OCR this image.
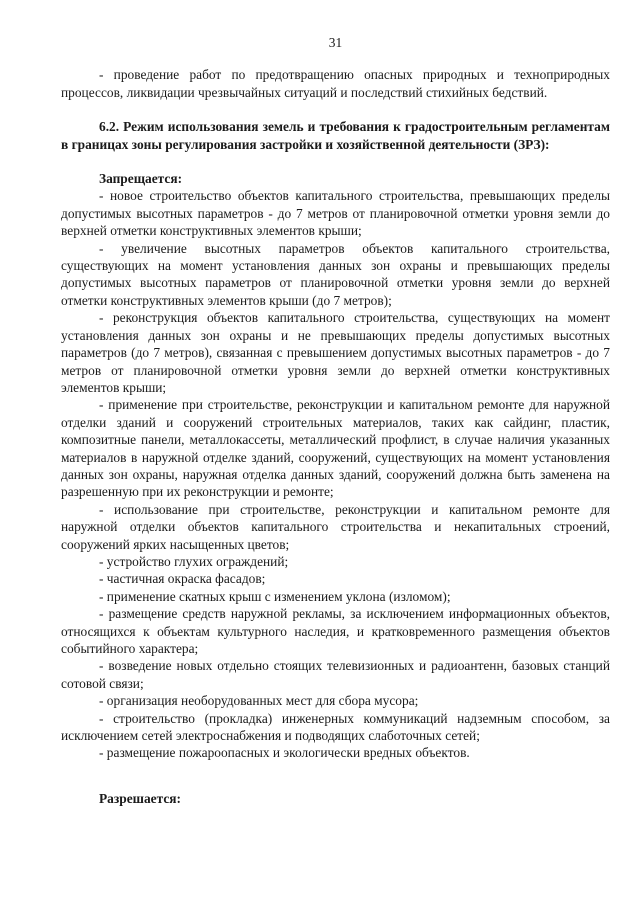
31

- проведение работ по предотвращению опасных природных и техноприродных процессов, ликвидации чрезвычайных ситуаций и последствий стихийных бедствий.

6.2. Режим использования земель и требования к градостроительным регламентам в границах зоны регулирования застройки и хозяйственной деятельности (ЗРЗ):

Запрещается:

- новое строительство объектов капитального строительства, превышающих пределы допустимых высотных параметров - до 7 метров от планировочной отметки уровня земли до верхней отметки конструктивных элементов крыши;

- увеличение высотных параметров объектов капитального строительства, существующих на момент установления данных зон охраны и превышающих пределы допустимых высотных параметров от планировочной отметки уровня земли до верхней отметки конструктивных элементов крыши (до 7 метров);

- реконструкция объектов капитального строительства, существующих на момент установления данных зон охраны и не превышающих пределы допустимых высотных параметров (до 7 метров), связанная с превышением допустимых высотных параметров - до 7 метров от планировочной отметки уровня земли до верхней отметки конструктивных элементов крыши;

- применение при строительстве, реконструкции и капитальном ремонте для наружной отделки зданий и сооружений строительных материалов, таких как сайдинг, пластик, композитные панели, металлокассеты, металлический профлист, в случае наличия указанных материалов в наружной отделке зданий, сооружений, существующих на момент установления данных зон охраны, наружная отделка данных зданий, сооружений должна быть заменена на разрешенную при их реконструкции и ремонте;

- использование при строительстве, реконструкции и капитальном ремонте для наружной отделки объектов капитального строительства и некапитальных строений, сооружений ярких насыщенных цветов;

- устройство глухих ограждений;

- частичная окраска фасадов;

- применение скатных крыш с изменением уклона (изломом);

- размещение средств наружной рекламы, за исключением информационных объектов, относящихся к объектам культурного наследия, и кратковременного размещения объектов событийного характера;

- возведение новых отдельно стоящих телевизионных и радиоантенн, базовых станций сотовой связи;

- организация необорудованных мест для сбора мусора;

- строительство (прокладка) инженерных коммуникаций надземным способом, за исключением сетей электроснабжения и подводящих слаботочных сетей;

- размещение пожароопасных и экологически вредных объектов.

Разрешается:
